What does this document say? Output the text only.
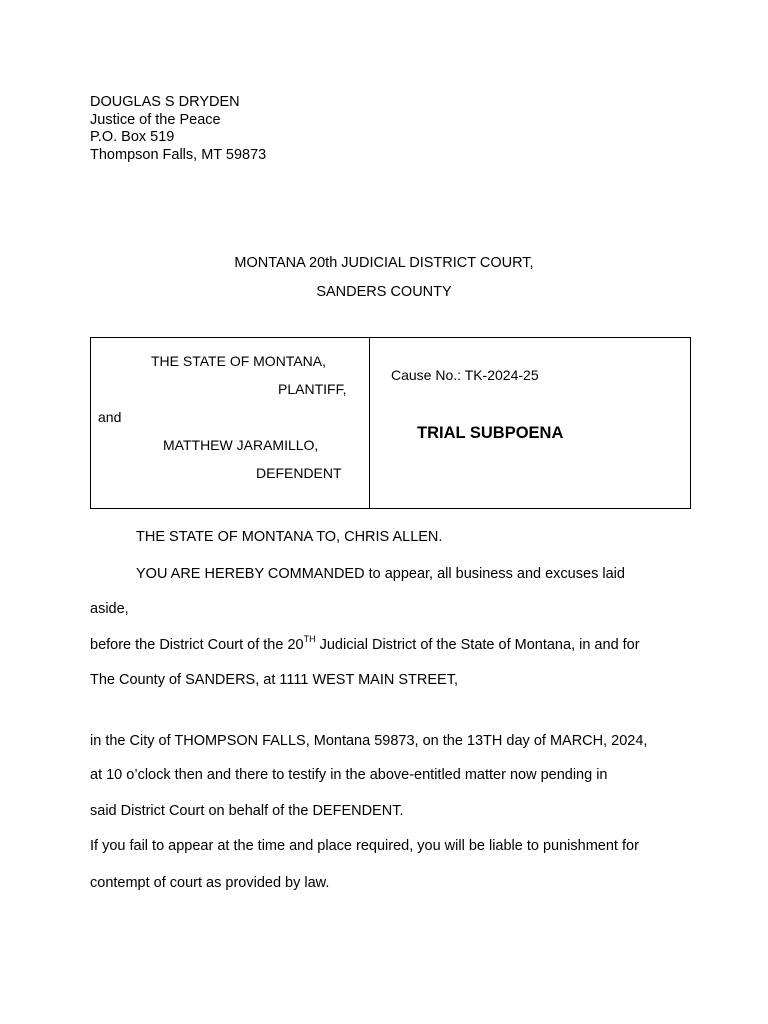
DOUGLAS S DRYDEN
Justice of the Peace
P.O. Box 519
Thompson Falls, MT 59873
MONTANA 20th JUDICIAL DISTRICT COURT,
SANDERS COUNTY
THE STATE OF MONTANA,
PLANTIFF,
and
MATTHEW JARAMILLO,
DEFENDENT
Cause No.: TK-2024-25
TRIAL SUBPOENA
THE STATE OF MONTANA TO, CHRIS ALLEN.
YOU ARE HEREBY COMMANDED to appear, all business and excuses laid
aside,
before the District Court of the 20TH Judicial District of the State of Montana, in and for
The County of SANDERS, at 1111 WEST MAIN STREET,
in the City of THOMPSON FALLS, Montana 59873, on the 13TH day of MARCH, 2024,
at 10 o’clock then and there to testify in the above-entitled matter now pending in
said District Court on behalf of the DEFENDENT.
If you fail to appear at the time and place required, you will be liable to punishment for
contempt of court as provided by law.
